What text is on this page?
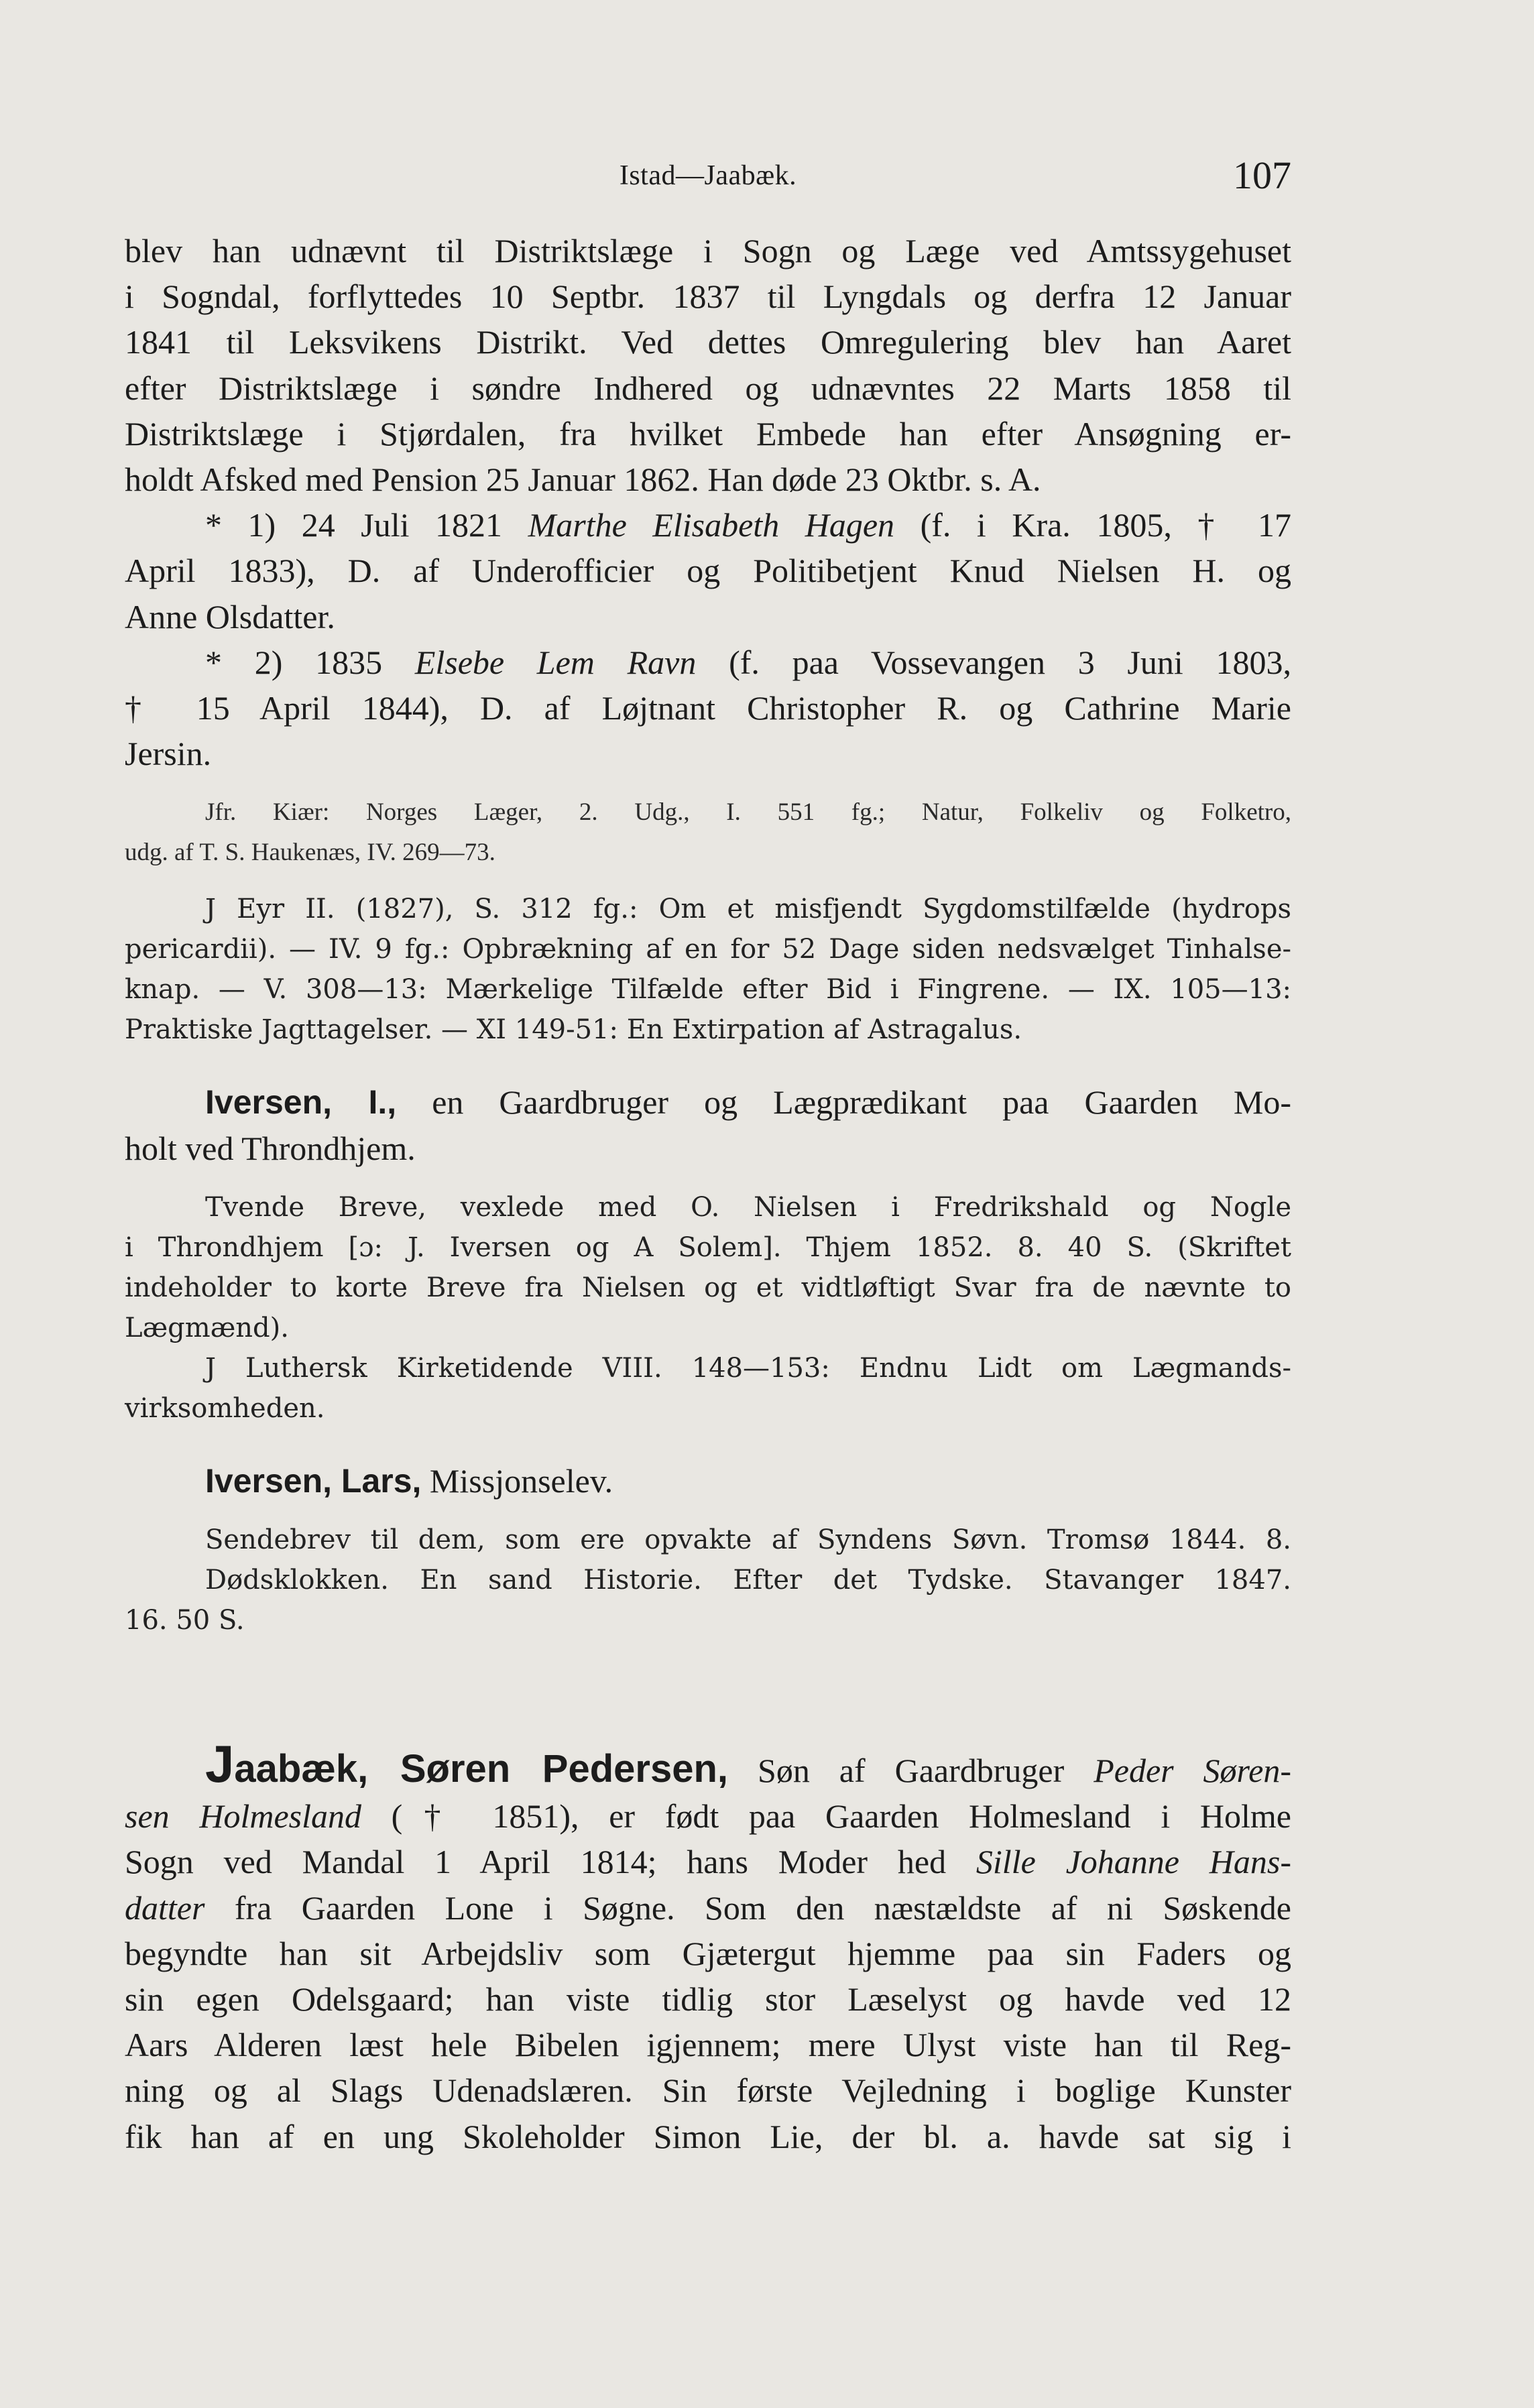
Istad—Jaabæk.	107

blev han udnævnt til Distriktslæge i Sogn og Læge ved Amtssygehuset

i Sogndal, forflyttedes 10 Septbr. 1837 til Lyngdals og derfra 12 Januar

1841 til Leksvikens Distrikt. Ved dettes Omregulering blev han Aaret

efter Distriktslæge i søndre Indhered og udnævntes 22 Marts 1858 til

Distriktslæge i Stjørdalen, fra hvilket Embede han efter Ansøgning er-

holdt Afsked med Pension 25 Januar 1862. Han døde 23 Oktbr. s. A.

* 1) 24 Juli 1821 Marthe Elisabeth Hagen (f. i Kra. 1805, † 17

April 1833), D. af Underofficier og Politibetjent Knud Nielsen H. og

Anne Olsdatter.

* 2) 1835 Elsebe Lem Ravn (f. paa Vossevangen 3 Juni 1803,

† 15 April 1844), D. af Løjtnant Christopher R. og Cathrine Marie

Jersin.

Jfr. Kiær: Norges Læger, 2. Udg., I. 551 fg.; Natur, Folkeliv og Folketro,

udg. af T. S. Haukenæs, IV. 269—73.

J Eyr II. (1827), S. 312 fg.: Om et misfjendt Sygdomstilfælde (hydrops

pericardii). — IV. 9 fg.: Opbrækning af en for 52 Dage siden nedsvælget Tinhalse-

knap. — V. 308—13: Mærkelige Tilfælde efter Bid i Fingrene. — IX. 105—13:

Praktiske Jagttagelser. — XI 149-51: En Extirpation af Astragalus.

Iversen, I., en Gaardbruger og Lægprædikant paa Gaarden Mo-

holt ved Throndhjem.

Tvende Breve, vexlede med O. Nielsen i Fredrikshald og Nogle

i Throndhjem [ɔ: J. Iversen og A Solem]. Thjem 1852. 8. 40 S. (Skriftet

indeholder to korte Breve fra Nielsen og et vidtløftigt Svar fra de nævnte to

Lægmænd).

J Luthersk Kirketidende VIII. 148—153: Endnu Lidt om Lægmands-

virksomheden.

Iversen, Lars, Missjonselev.

Sendebrev til dem, som ere opvakte af Syndens Søvn. Tromsø 1844. 8.

Dødsklokken. En sand Historie. Efter det Tydske. Stavanger 1847.

16. 50 S.

Jaabæk, Søren Pedersen, Søn af Gaardbruger Peder Søren-

sen Holmesland († 1851), er født paa Gaarden Holmesland i Holme

Sogn ved Mandal 1 April 1814; hans Moder hed Sille Johanne Hans-

datter fra Gaarden Lone i Søgne. Som den næstældste af ni Søskende

begyndte han sit Arbejdsliv som Gjætergut hjemme paa sin Faders og

sin egen Odelsgaard; han viste tidlig stor Læselyst og havde ved 12

Aars Alderen læst hele Bibelen igjennem; mere Ulyst viste han til Reg-

ning og al Slags Udenadslæren. Sin første Vejledning i boglige Kunster

fik han af en ung Skoleholder Simon Lie, der bl. a. havde sat sig i
